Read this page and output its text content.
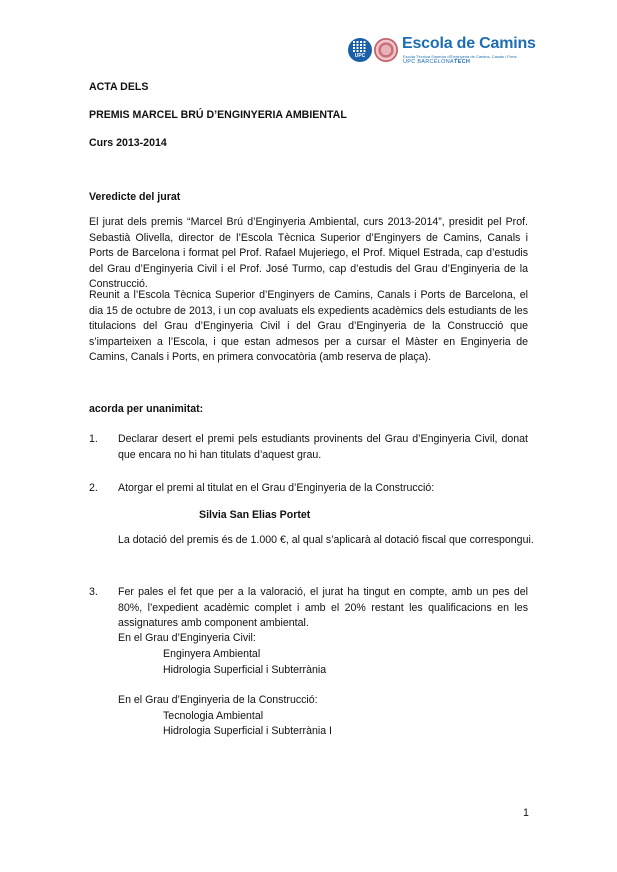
UPC
Escola de Camins
Escola Tècnica Superior d'Enginyeria de Camins, Canals i Ports
UPC BARCELONATECH
ACTA DELS
PREMIS MARCEL BRÚ D’ENGINYERIA AMBIENTAL
Curs 2013-2014
Veredicte del jurat
El jurat dels premis “Marcel Brú d’Enginyeria Ambiental, curs 2013-2014”, presidit pel Prof. Sebastià Olivella, director de l’Escola Tècnica Superior d’Enginyers de Camins, Canals i Ports de Barcelona i format pel Prof. Rafael Mujeriego, el Prof. Miquel Estrada, cap d’estudis del Grau d’Enginyeria Civil i el Prof. José Turmo, cap d’estudis del Grau d’Enginyeria de la Construcció.
Reunit a l’Escola Tècnica Superior d’Enginyers de Camins, Canals i Ports de Barcelona, el dia 15 de octubre de 2013, i un cop avaluats els expedients acadèmics dels estudiants de les titulacions del Grau d’Enginyeria Civil i del Grau d’Enginyeria de la Construcció que s’imparteixen a l’Escola, i que estan admesos per a cursar el Màster en Enginyeria de Camins, Canals i Ports, en primera convocatòria (amb reserva de plaça).
acorda per unanimitat:
1. Declarar desert el premi pels estudiants provinents del Grau d’Enginyeria Civil, donat que encara no hi han titulats d’aquest grau.
2. Atorgar el premi al titulat en el Grau d’Enginyeria de la Construcció:
Silvia San Elias Portet
La dotació del premis és de 1.000 €, al qual s’aplicarà al dotació fiscal que correspongui.
3. Fer pales el fet que per a la valoració, el jurat ha tingut en compte, amb un pes del 80%, l’expedient acadèmic complet i amb el 20% restant les qualificacions en les assignatures amb component ambiental.
En el Grau d’Enginyeria Civil:
Enginyera Ambiental
Hidrologia Superficial i Subterrània
En el Grau d’Enginyeria de la Construcció:
Tecnologia Ambiental
Hidrologia Superficial i Subterrània I
1
